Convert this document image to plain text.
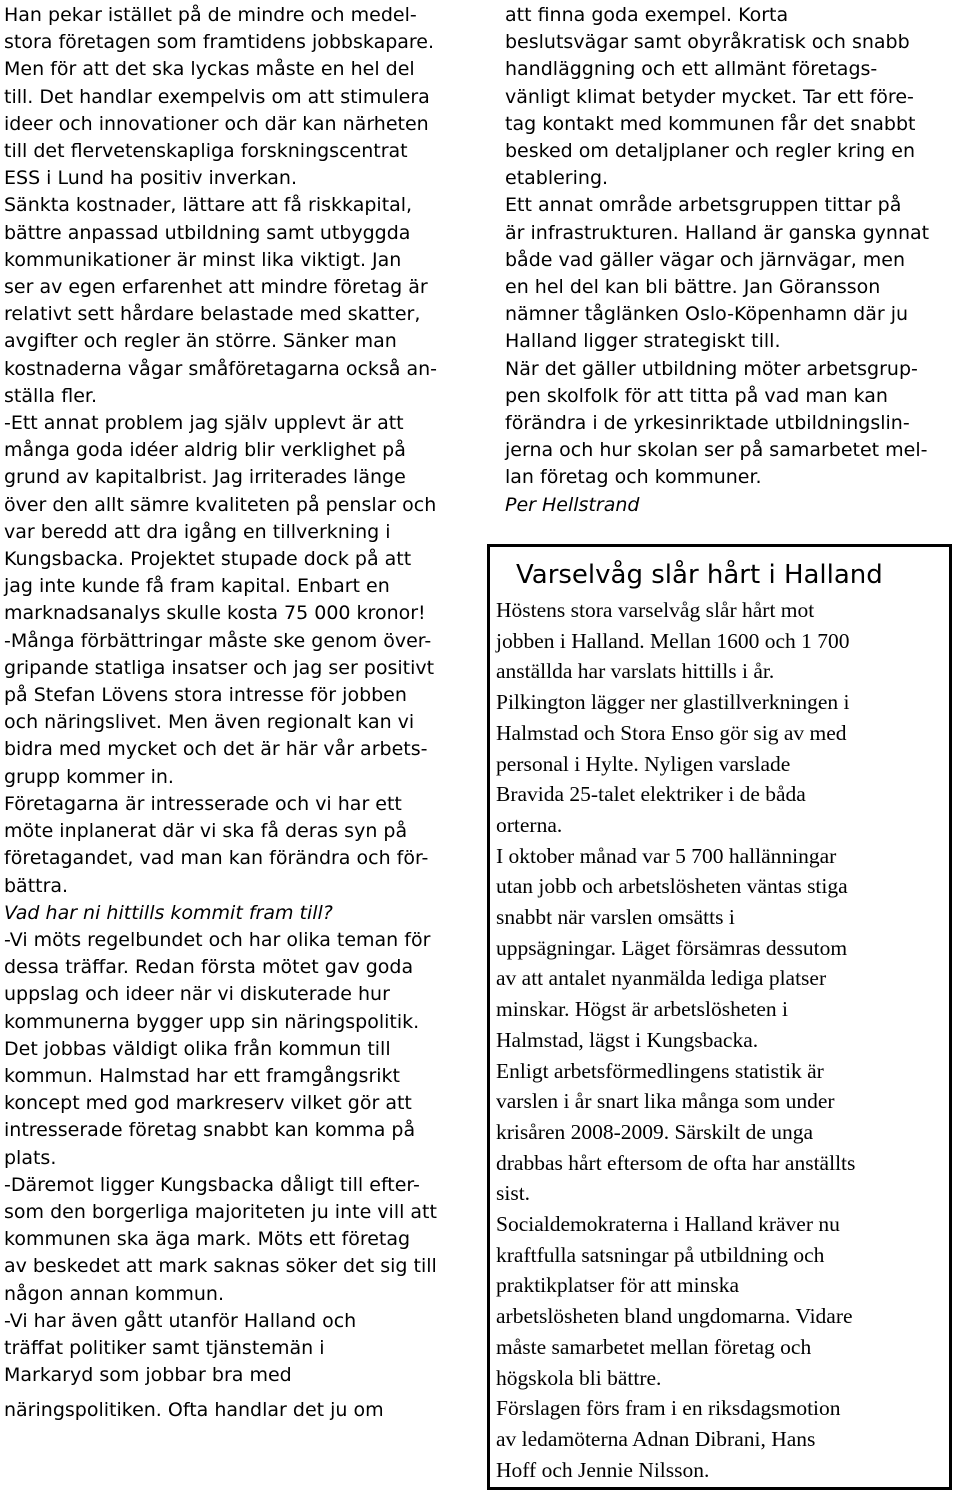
Han pekar istället på de mindre och medel-
stora företagen som framtidens jobbskapare.
Men för att det ska lyckas måste en hel del
till. Det handlar exempelvis om att stimulera
ideer och innovationer och där kan närheten
till det flervetenskapliga forskningscentrat
ESS i Lund ha positiv inverkan.
Sänkta kostnader, lättare att få riskkapital,
bättre anpassad utbildning samt utbyggda
kommunikationer är minst lika viktigt. Jan
ser av egen erfarenhet att mindre företag är
relativt sett hårdare belastade med skatter,
avgifter och regler än större. Sänker man
kostnaderna vågar småföretagarna också an-
ställa fler.
-Ett annat problem jag själv upplevt är att
många goda idéer aldrig blir verklighet på
grund av kapitalbrist. Jag irriterades länge
över den allt sämre kvaliteten på penslar och
var beredd att dra igång en tillverkning i
Kungsbacka. Projektet stupade dock på att
jag inte kunde få fram kapital. Enbart en
marknadsanalys skulle kosta 75 000 kronor!
-Många förbättringar måste ske genom över-
gripande statliga insatser och jag ser positivt
på Stefan Lövens stora intresse för jobben
och näringslivet. Men även regionalt kan vi
bidra med mycket och det är här vår arbets-
grupp kommer in.
Företagarna är intresserade och vi har ett
möte inplanerat där vi ska få deras syn på
företagandet, vad man kan förändra och för-
bättra.
Vad har ni hittills kommit fram till?
-Vi möts regelbundet och har olika teman för
dessa träffar. Redan första mötet gav goda
uppslag och ideer när vi diskuterade hur
kommunerna bygger upp sin näringspolitik.
Det jobbas väldigt olika från kommun till
kommun. Halmstad har ett framgångsrikt
koncept med god markreserv vilket gör att
intresserade företag snabbt kan komma på
plats.
-Däremot ligger Kungsbacka dåligt till efter-
som den borgerliga majoriteten ju inte vill att
kommunen ska äga mark. Möts ett företag
av beskedet att mark saknas söker det sig till
någon annan kommun.
-Vi har även gått utanför Halland och
träffat politiker samt tjänstemän i
Markaryd som jobbar bra med
näringspolitiken. Ofta handlar det ju om
att finna goda exempel. Korta
beslutsvägar samt obyråkratisk och snabb
handläggning och ett allmänt företags-
vänligt klimat betyder mycket. Tar ett före-
tag kontakt med kommunen får det snabbt
besked om detaljplaner och regler kring en
etablering.
Ett annat område arbetsgruppen tittar på
är infrastrukturen. Halland är ganska gynnat
både vad gäller vägar och järnvägar, men
en hel del kan bli bättre. Jan Göransson
nämner tåglänken Oslo-Köpenhamn där ju
Halland ligger strategiskt till.
När det gäller utbildning möter arbetsgrup-
pen skolfolk för att titta på vad man kan
förändra i de yrkesinriktade utbildningslin-
jerna och hur skolan ser på samarbetet mel-
lan företag och kommuner.
Per Hellstrand
Varselvåg slår hårt i Halland
Höstens stora varselvåg slår hårt mot
jobben i Halland. Mellan 1600 och 1 700
anställda har varslats hittills i år.
Pilkington lägger ner glastillverkningen i
Halmstad och Stora Enso gör sig av med
personal i Hylte. Nyligen varslade
Bravida 25-talet elektriker i de båda
orterna.
I oktober månad var 5 700 hallänningar
utan jobb och arbetslösheten väntas stiga
snabbt när varslen omsätts i
uppsägningar. Läget försämras dessutom
av att antalet nyanmälda lediga platser
minskar. Högst är arbetslösheten i
Halmstad, lägst i Kungsbacka.
Enligt arbetsförmedlingens statistik är
varslen i år snart lika många som under
krisåren 2008-2009. Särskilt de unga
drabbas hårt eftersom de ofta har anställts
sist.
Socialdemokraterna i Halland kräver nu
kraftfulla satsningar på utbildning och
praktikplatser för att minska
arbetslösheten bland ungdomarna. Vidare
måste samarbetet mellan företag och
högskola bli bättre.
Förslagen förs fram i en riksdagsmotion
av ledamöterna Adnan Dibrani, Hans
Hoff och Jennie Nilsson.
